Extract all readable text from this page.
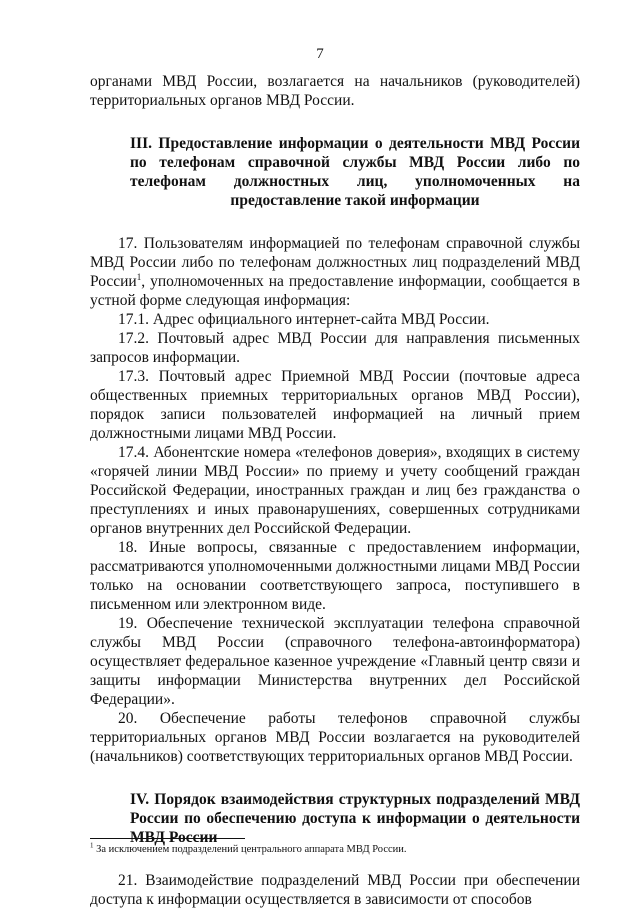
7

органами МВД России, возлагается на начальников (руководителей) территориальных органов МВД России.

III. Предоставление информации о деятельности МВД России по телефонам справочной службы МВД России либо по телефонам должностных лиц, уполномоченных на предоставление такой информации

17. Пользователям информацией по телефонам справочной службы МВД России либо по телефонам должностных лиц подразделений МВД России$^1$, уполномоченных на предоставление информации, сообщается в устной форме следующая информация:

17.1. Адрес официального интернет-сайта МВД России.

17.2. Почтовый адрес МВД России для направления письменных запросов информации.

17.3. Почтовый адрес Приемной МВД России (почтовые адреса общественных приемных территориальных органов МВД России), порядок записи пользователей информацией на личный прием должностными лицами МВД России.

17.4. Абонентские номера «телефонов доверия», входящих в систему «горячей линии МВД России» по приему и учету сообщений граждан Российской Федерации, иностранных граждан и лиц без гражданства о преступлениях и иных правонарушениях, совершенных сотрудниками органов внутренних дел Российской Федерации.

18. Иные вопросы, связанные с предоставлением информации, рассматриваются уполномоченными должностными лицами МВД России только на основании соответствующего запроса, поступившего в письменном или электронном виде.

19. Обеспечение технической эксплуатации телефона справочной службы МВД России (справочного телефона-автоинформатора) осуществляет федеральное казенное учреждение «Главный центр связи и защиты информации Министерства внутренних дел Российской Федерации».

20. Обеспечение работы телефонов справочной службы территориальных органов МВД России возлагается на руководителей (начальников) соответствующих территориальных органов МВД России.

IV. Порядок взаимодействия структурных подразделений МВД России по обеспечению доступа к информации о деятельности МВД России

21. Взаимодействие подразделений МВД России при обеспечении доступа к информации осуществляется в зависимости от способов

$^1$ За исключением подразделений центрального аппарата МВД России.
